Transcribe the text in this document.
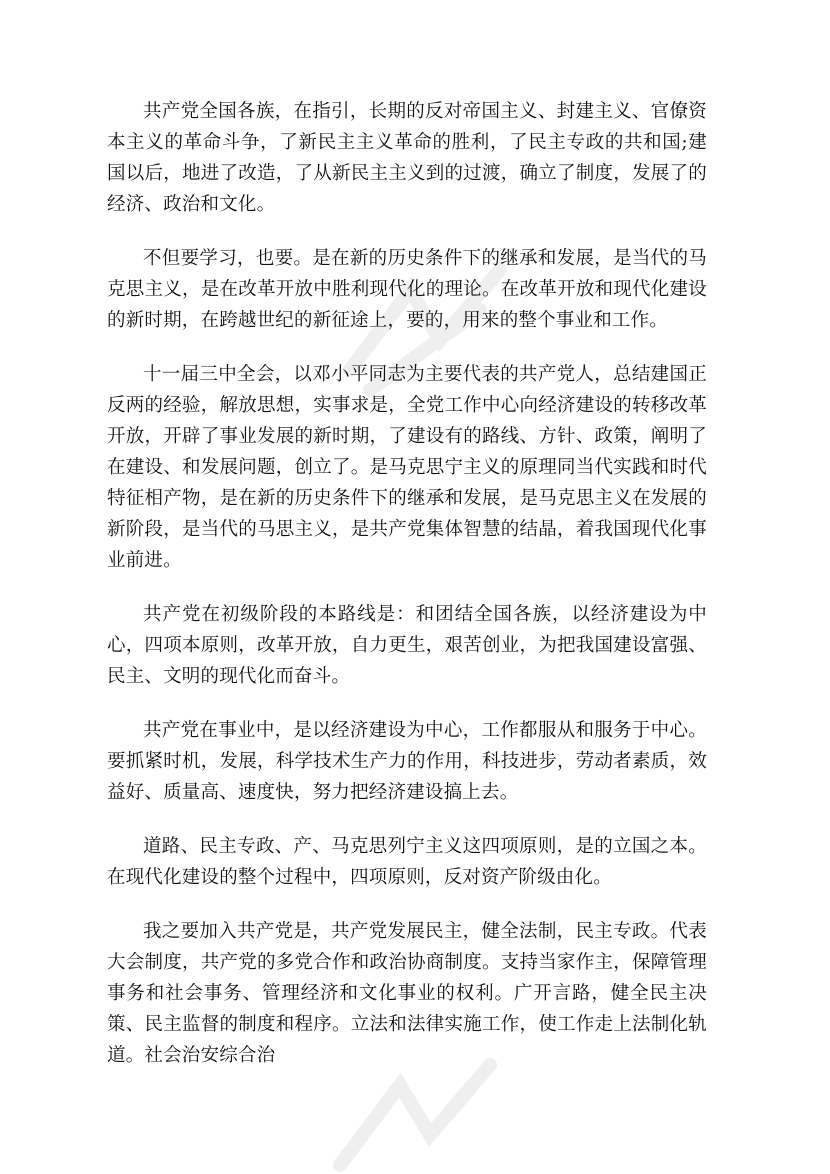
共产党全国各族，在指引，长期的反对帝国主义、封建主义、官僚资本主义的革命斗争，了新民主主义革命的胜利，了民主专政的共和国;建国以后，地进了改造，了从新民主主义到的过渡，确立了制度，发展了的经济、政治和文化。

不但要学习，也要。是在新的历史条件下的继承和发展，是当代的马克思主义，是在改革开放中胜利现代化的理论。在改革开放和现代化建设的新时期，在跨越世纪的新征途上，要的，用来的整个事业和工作。

十一届三中全会，以邓小平同志为主要代表的共产党人，总结建国正反两的经验，解放思想，实事求是，全党工作中心向经济建设的转移改革开放，开辟了事业发展的新时期，了建设有的路线、方针、政策，阐明了在建设、和发展问题，创立了。是马克思宁主义的原理同当代实践和时代特征相产物，是在新的历史条件下的继承和发展，是马克思主义在发展的新阶段，是当代的马思主义，是共产党集体智慧的结晶，着我国现代化事业前进。

共产党在初级阶段的本路线是：和团结全国各族，以经济建设为中心，四项本原则，改革开放，自力更生，艰苦创业，为把我国建设富强、民主、文明的现代化而奋斗。

共产党在事业中，是以经济建设为中心，工作都服从和服务于中心。要抓紧时机，发展，科学技术生产力的作用，科技进步，劳动者素质，效益好、质量高、速度快，努力把经济建设搞上去。

道路、民主专政、产、马克思列宁主义这四项原则，是的立国之本。在现代化建设的整个过程中，四项原则，反对资产阶级由化。

我之要加入共产党是，共产党发展民主，健全法制，民主专政。代表大会制度，共产党的多党合作和政治协商制度。支持当家作主，保障管理事务和社会事务、管理经济和文化事业的权利。广开言路，健全民主决策、民主监督的制度和程序。立法和法律实施工作，使工作走上法制化轨道。社会治安综合治
